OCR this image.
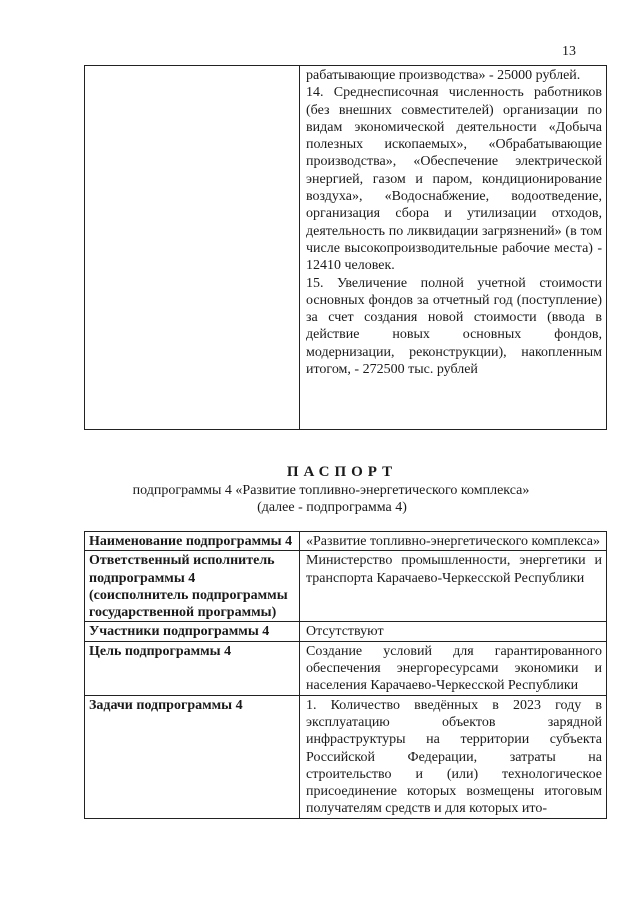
13

рабатывающие производства» - 25000 рублей.
14. Среднесписочная численность работников (без внешних совместителей) организации по видам экономической деятельности «Добыча полезных ископаемых», «Обрабатывающие производства», «Обеспечение электрической энергией, газом и паром, кондиционирование воздуха», «Водоснабжение, водоотведение, организация сбора и утилизации отходов, деятельность по ликвидации загрязнений» (в том числе высокопроизводительные рабочие места) - 12410 человек.
15. Увеличение полной учетной стоимости основных фондов за отчетный год (поступление) за счет создания новой стоимости (ввода в действие новых основных фондов, модернизации, реконструкции), накопленным итогом, - 272500 тыс. рублей
ПАСПОРТ
подпрограммы 4 «Развитие топливно-энергетического комплекса»
(далее - подпрограмма 4)
Наименование подпрограммы 4	«Развитие топливно-энергетического комплекса»
Ответственный исполнитель подпрограммы 4 (соисполнитель подпрограммы государственной программы)	Министерство промышленности, энергетики и транспорта Карачаево-Черкесской Республики
Участники подпрограммы 4	Отсутствуют
Цель подпрограммы 4	Создание условий для гарантированного обеспечения энергоресурсами экономики и населения Карачаево-Черкесской Республики
Задачи подпрограммы 4	1. Количество введённых в 2023 году в эксплуатацию объектов зарядной инфраструктуры на территории субъекта Российской Федерации, затраты на строительство и (или) технологическое присоединение которых возмещены итоговым получателям средств и для которых ито-
